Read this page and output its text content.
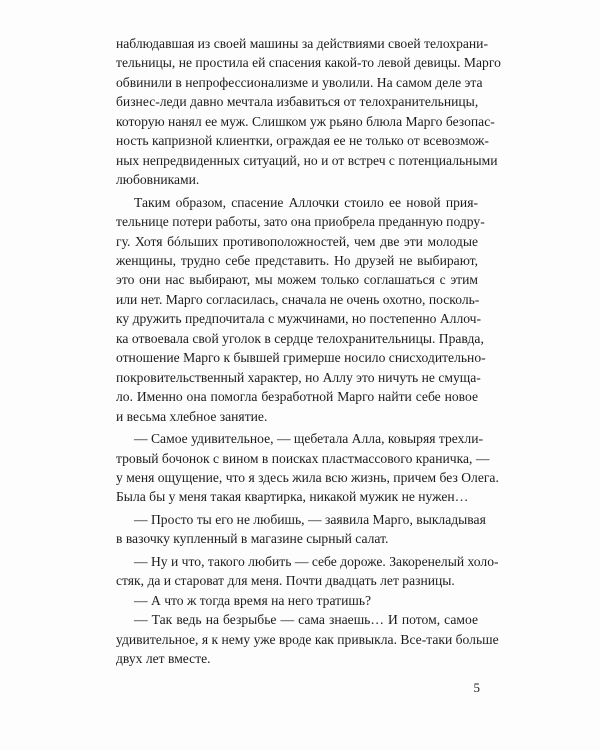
наблюдавшая из своей машины за действиями своей телохрани-
тельницы, не простила ей спасения какой-то левой девицы. Марго
обвинили в непрофессионализме и уволили. На самом деле эта
бизнес-леди давно мечтала избавиться от телохранительницы,
которую нанял ее муж. Слишком уж рьяно блюла Марго безопас-
ность капризной клиентки, ограждая ее не только от всевозмож-
ных непредвиденных ситуаций, но и от встреч с потенциальными
любовниками.
Таким образом, спасение Аллочки стоило ее новой прия-
тельнице потери работы, зато она приобрела преданную подру-
гу. Хотя бóльших противоположностей, чем две эти молодые
женщины, трудно себе представить. Но друзей не выбирают,
это они нас выбирают, мы можем только соглашаться с этим
или нет. Марго согласилась, сначала не очень охотно, посколь-
ку дружить предпочитала с мужчинами, но постепенно Аллоч-
ка отвоевала свой уголок в сердце телохранительницы. Правда,
отношение Марго к бывшей гримерше носило снисходительно-
покровительственный характер, но Аллу это ничуть не смуща-
ло. Именно она помогла безработной Марго найти себе новое
и весьма хлебное занятие.
— Самое удивительное, — щебетала Алла, ковыряя трехли-
тровый бочонок с вином в поисках пластмассового краничка, —
у меня ощущение, что я здесь жила всю жизнь, причем без Олега.
Была бы у меня такая квартирка, никакой мужик не нужен…
— Просто ты его не любишь, — заявила Марго, выкладывая
в вазочку купленный в магазине сырный салат.
— Ну и что, такого любить — себе дороже. Закоренелый холо-
стяк, да и староват для меня. Почти двадцать лет разницы.
— А что ж тогда время на него тратишь?
— Так ведь на безрыбье — сама знаешь… И потом, самое
удивительное, я к нему уже вроде как привыкла. Все-таки больше
двух лет вместе.
5
